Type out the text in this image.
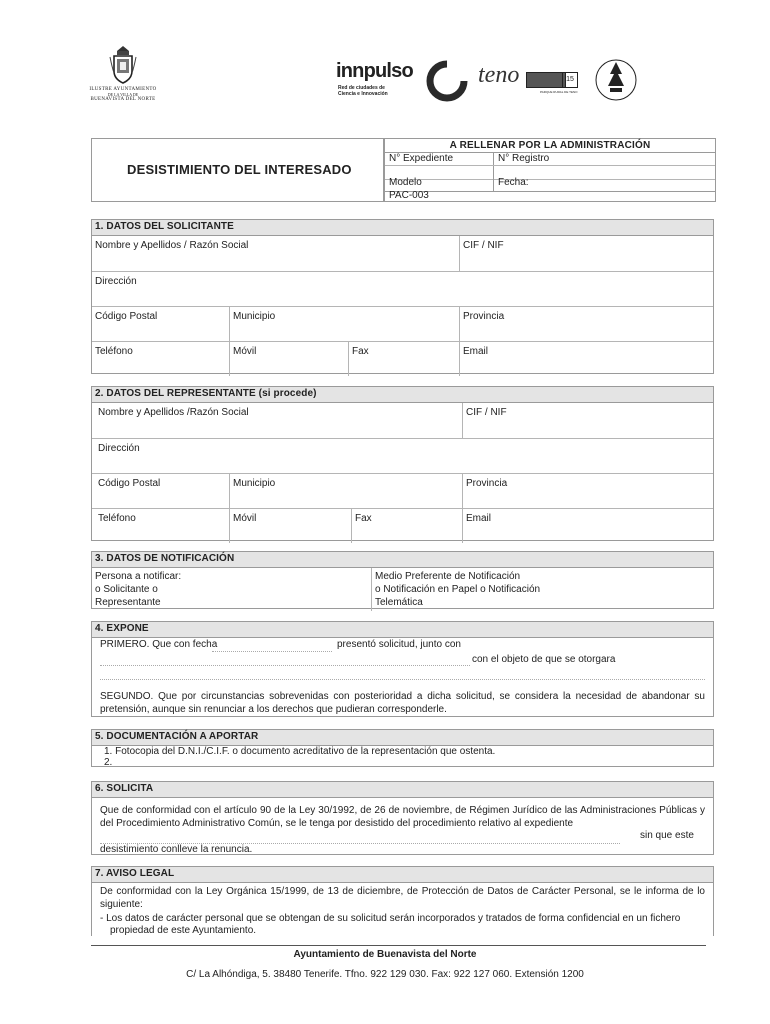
ILUSTRE AYUNTAMIENTO
DE LA VILLA DE
BUENAVISTA DEL NORTE
innpulso
Red de ciudades de
Ciencia e Innovación
teno	15
PARQUE RURAL DE TENO
DESISTIMIENTO DEL INTERESADO
A RELLENAR POR LA ADMINISTRACIÓN
N° Expediente	N° Registro
Modelo	Fecha:
PAC-003
1. DATOS DEL SOLICITANTE
Nombre y Apellidos / Razón Social	CIF / NIF
Dirección
Código Postal	Municipio	Provincia
Teléfono	Móvil	Fax	Email
2. DATOS DEL REPRESENTANTE (si procede)
Nombre y Apellidos /Razón Social	CIF / NIF
Dirección
Código Postal	Municipio	Provincia
Teléfono	Móvil	Fax	Email
3. DATOS DE NOTIFICACIÓN
Persona a notificar:
o Solicitante o
Representante
Medio Preferente de Notificación
o Notificación en Papel o Notificación
Telemática
4. EXPONE
PRIMERO. Que con fecha	presentó solicitud, junto con
con el objeto de que se otorgara
SEGUNDO. Que por circunstancias sobrevenidas con posterioridad a dicha solicitud, se considera la necesidad de abandonar su pretensión, aunque sin renunciar a los derechos que pudieran corresponderle.
5. DOCUMENTACIÓN A APORTAR
1. Fotocopia del D.N.I./C.I.F. o documento acreditativo de la representación que ostenta.
2.
6. SOLICITA
Que de conformidad con el artículo 90 de la Ley 30/1992, de 26 de noviembre, de Régimen Jurídico de las Administraciones Públicas y del Procedimiento Administrativo Común, se le tenga por desistido del procedimiento relativo al expediente
sin que este
desistimiento conlleve la renuncia.
7. AVISO LEGAL
De conformidad con la Ley Orgánica 15/1999, de 13 de diciembre, de Protección de Datos de Carácter Personal, se le informa de lo siguiente:
- Los datos de carácter personal que se obtengan de su solicitud serán incorporados y tratados de forma confidencial en un fichero
propiedad de este Ayuntamiento.
Ayuntamiento de Buenavista del Norte
C/ La Alhóndiga, 5. 38480 Tenerife. Tfno. 922 129 030. Fax: 922 127 060. Extensión 1200
